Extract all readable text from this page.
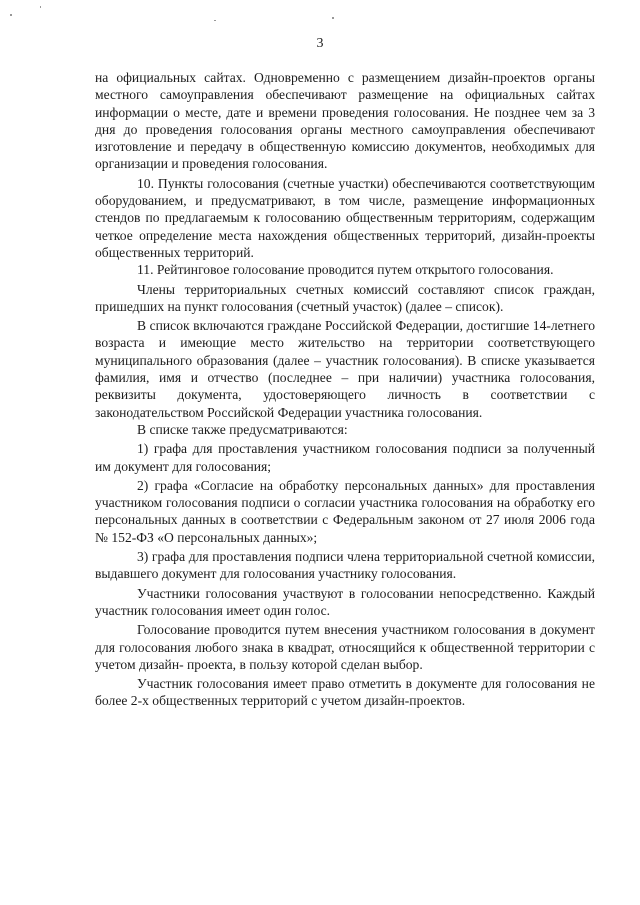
3

на официальных сайтах. Одновременно с размещением дизайн-проектов органы местного самоуправления обеспечивают размещение на официальных сайтах информации о месте, дате и времени проведения голосования. Не позднее чем за 3 дня до проведения голосования органы местного самоуправления обеспечивают изготовление и передачу в общественную комиссию документов, необходимых для организации и проведения голосования.

10. Пункты голосования (счетные участки) обеспечиваются соответствующим оборудованием, и предусматривают, в том числе, размещение информационных стендов по предлагаемым к голосованию общественным территориям, содержащим четкое определение места нахождения общественных территорий, дизайн-проекты общественных территорий.

11. Рейтинговое голосование проводится путем открытого голосования.

Члены территориальных счетных комиссий составляют список граждан, пришедших на пункт голосования (счетный участок) (далее – список).

В список включаются граждане Российской Федерации, достигшие 14-летнего возраста и имеющие место жительство на территории соответствующего муниципального образования (далее – участник голосования). В списке указывается фамилия, имя и отчество (последнее – при наличии) участника голосования, реквизиты документа, удостоверяющего личность в соответствии с законодательством Российской Федерации участника голосования.

В списке также предусматриваются:

1) графа для проставления участником голосования подписи за полученный им документ для голосования;

2) графа «Согласие на обработку персональных данных» для проставления участником голосования подписи о согласии участника голосования на обработку его персональных данных в соответствии с Федеральным законом от 27 июля 2006 года № 152-ФЗ «О персональных данных»;

3) графа для проставления подписи члена территориальной счетной комиссии, выдавшего документ для голосования участнику голосования.

Участники голосования участвуют в голосовании непосредственно. Каждый участник голосования имеет один голос.

Голосование проводится путем внесения участником голосования в документ для голосования любого знака в квадрат, относящийся к общественной территории с учетом дизайн- проекта, в пользу которой сделан выбор.

Участник голосования имеет право отметить в документе для голосования не более 2-х общественных территорий с учетом дизайн-проектов.
